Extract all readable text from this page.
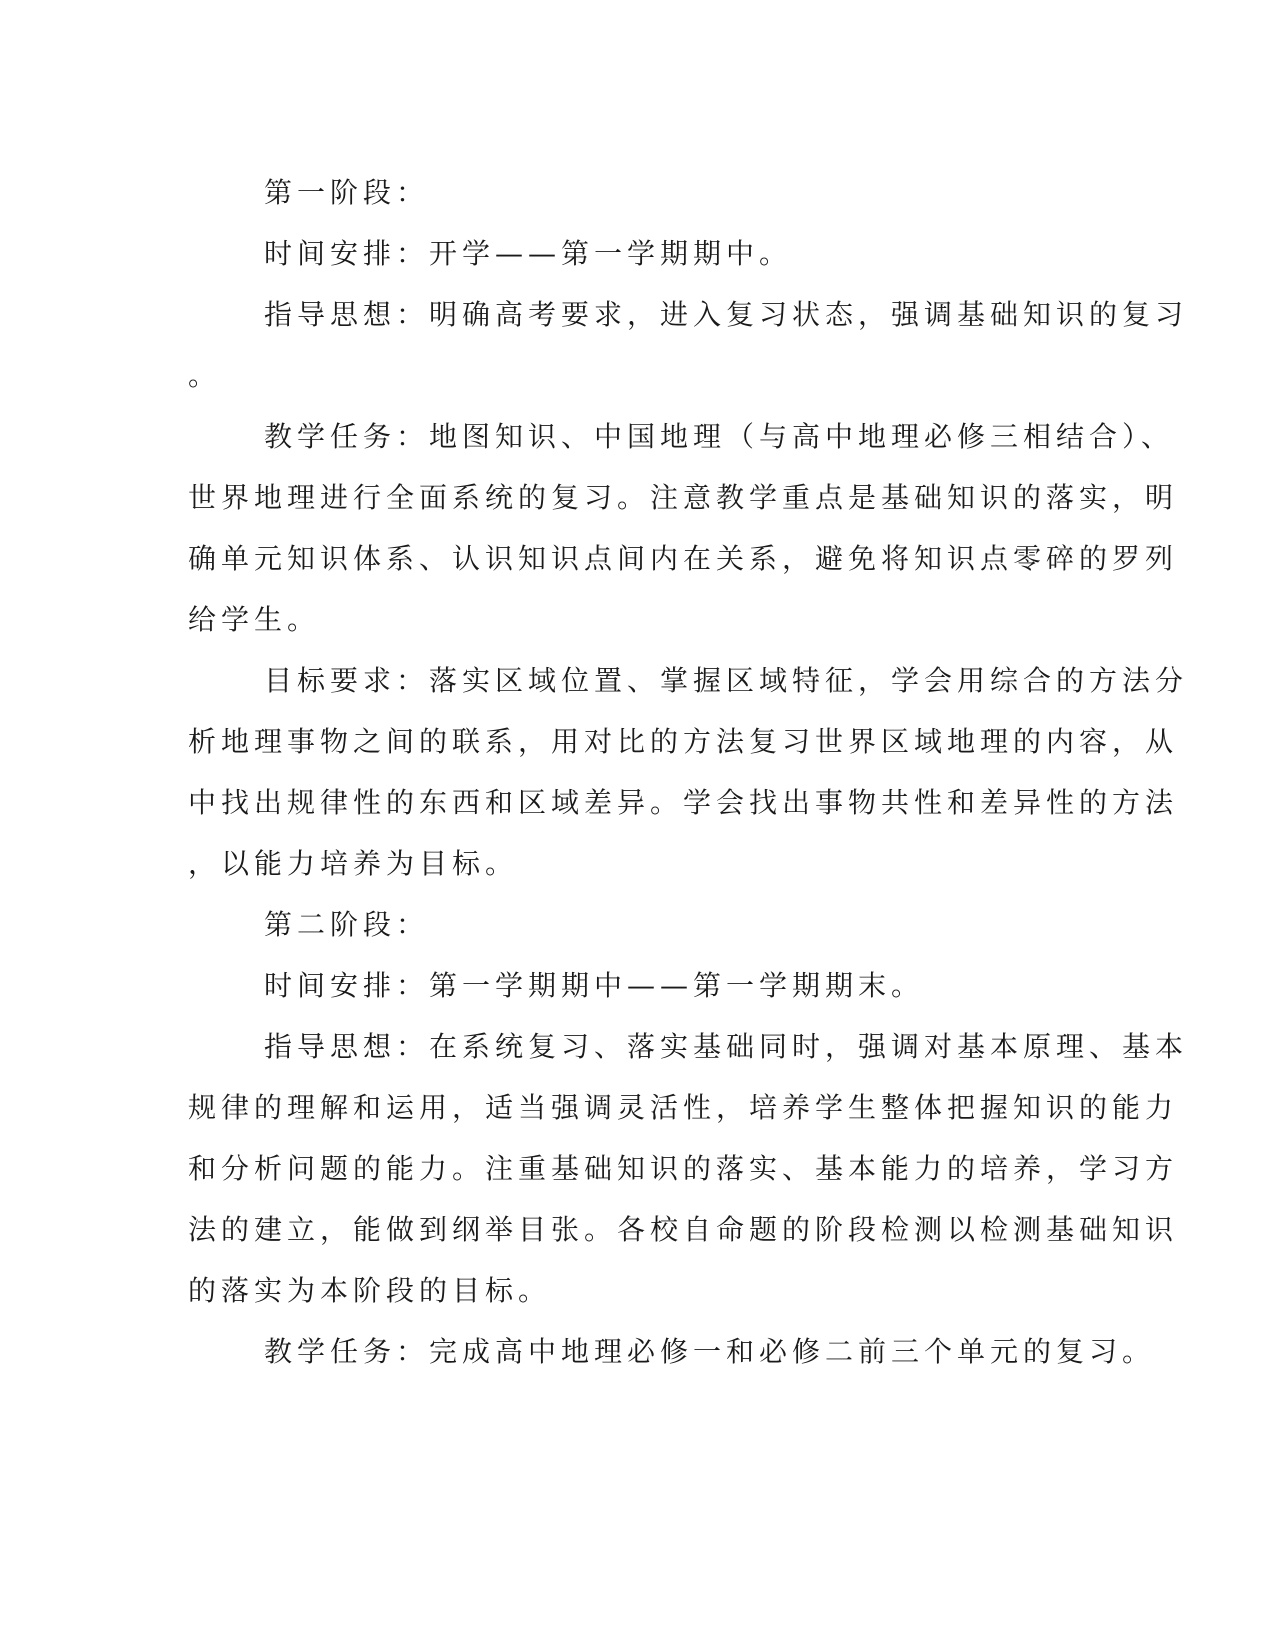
第一阶段：
时间安排：开学——第一学期期中。
指导思想：明确高考要求，进入复习状态，强调基础知识的复习
。
教学任务：地图知识、中国地理（与高中地理必修三相结合）、
世界地理进行全面系统的复习。注意教学重点是基础知识的落实，明
确单元知识体系、认识知识点间内在关系，避免将知识点零碎的罗列
给学生。
目标要求：落实区域位置、掌握区域特征，学会用综合的方法分
析地理事物之间的联系，用对比的方法复习世界区域地理的内容，从
中找出规律性的东西和区域差异。学会找出事物共性和差异性的方法
，以能力培养为目标。
第二阶段：
时间安排：第一学期期中——第一学期期末。
指导思想：在系统复习、落实基础同时，强调对基本原理、基本
规律的理解和运用，适当强调灵活性，培养学生整体把握知识的能力
和分析问题的能力。注重基础知识的落实、基本能力的培养，学习方
法的建立，能做到纲举目张。各校自命题的阶段检测以检测基础知识
的落实为本阶段的目标。
教学任务：完成高中地理必修一和必修二前三个单元的复习。
